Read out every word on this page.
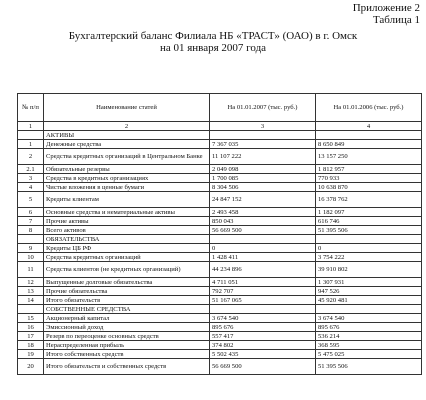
Приложение 2
Таблица 1
Бухгалтерский баланс Филиала НБ «ТРАСТ» (ОАО) в г. Омск
на 01 января 2007 года
№ п/п	Наименование статей	На 01.01.2007 (тыс. руб.)	На 01.01.2006 (тыс. руб.)
1	2	3	4
	АКТИВЫ		
1	Денежные средства	7 367 035	8 650 849
2	Средства кредитных организаций в Центральном Банке	11 107 222	13 157 250
2.1	Обязательные резервы	2 049 098	1 812 957
3	Средства в кредитных организациях	1 700 085	770 933
4	Чистые вложения в ценные бумаги	8 304 506	10 638 870
5	Кредиты клиентам	24 847 152	16 378 762
6	Основные средства и нематериальные активы	2 493 458	1 182 097
7	Прочие активы	850 043	616 746
8	Всего активов	56 669 500	51 395 506
	ОБЯЗАТЕЛЬСТВА		
9	Кредиты ЦБ РФ	0	0
10	Средства кредитных организаций	1 428 411	3 754 222
11	Средства клиентов (не кредитных организаций)	44 234 896	39 910 802
12	Выпущенные долговые обязательства	4 711 051	1 307 931
13	Прочие обязательства	792 707	947 526
14	Итого обязательств	51 167 065	45 920 481
	СОБСТВЕННЫЕ СРЕДСТВА		
15	Акционерный капитал	3 674 540	3 674 540
16	Эмиссионный доход	895 676	895 676
17	Резерв по переоценке основных средств	557 417	536 214
18	Нераспределенная прибыль	374 802	368 595
19	Итого собственных средств	5 502 435	5 475 025
20	Итого обязательств и собственных средств	56 669 500	51 395 506
